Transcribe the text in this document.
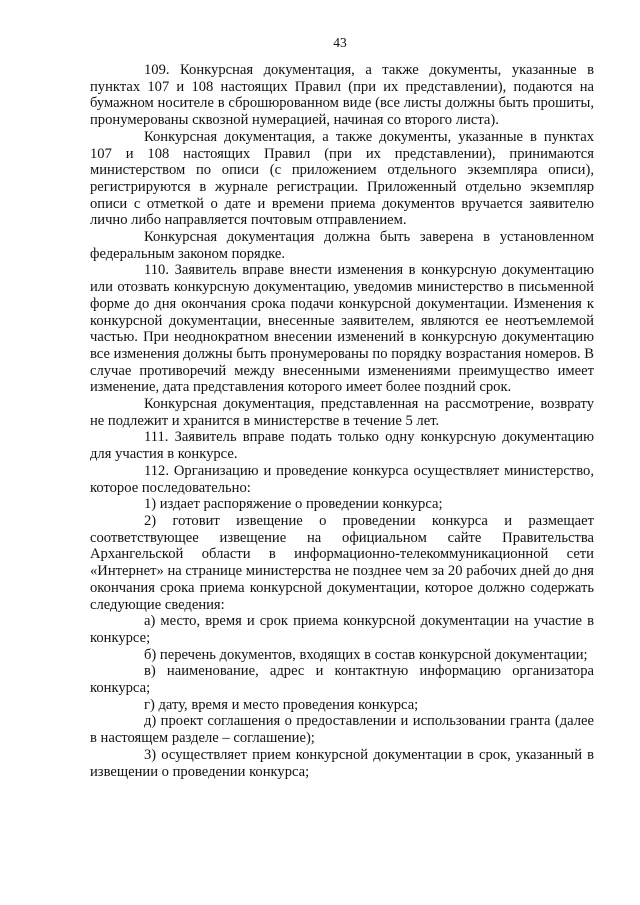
43

109. Конкурсная документация, а также документы, указанные в пунктах 107 и 108 настоящих Правил (при их представлении), подаются на бумажном носителе в сброшюрованном виде (все листы должны быть прошиты, пронумерованы сквозной нумерацией, начиная со второго листа).

Конкурсная документация, а также документы, указанные в пунктах 107 и 108 настоящих Правил (при их представлении), принимаются министерством по описи (с приложением отдельного экземпляра описи), регистрируются в журнале регистрации. Приложенный отдельно экземпляр описи с отметкой о дате и времени приема документов вручается заявителю лично либо направляется почтовым отправлением.

Конкурсная документация должна быть заверена в установленном федеральным законом порядке.

110. Заявитель вправе внести изменения в конкурсную документацию или отозвать конкурсную документацию, уведомив министерство в письменной форме до дня окончания срока подачи конкурсной документации. Изменения к конкурсной документации, внесенные заявителем, являются ее неотъемлемой частью. При неоднократном внесении изменений в конкурсную документацию все изменения должны быть пронумерованы по порядку возрастания номеров. В случае противоречий между внесенными изменениями преимущество имеет изменение, дата представления которого имеет более поздний срок.

Конкурсная документация, представленная на рассмотрение, возврату не подлежит и хранится в министерстве в течение 5 лет.

111. Заявитель вправе подать только одну конкурсную документацию для участия в конкурсе.

112. Организацию и проведение конкурса осуществляет министерство, которое последовательно:

1) издает распоряжение о проведении конкурса;

2) готовит извещение о проведении конкурса и размещает соответствующее извещение на официальном сайте Правительства Архангельской области в информационно-телекоммуникационной сети «Интернет» на странице министерства не позднее чем за 20 рабочих дней до дня окончания срока приема конкурсной документации, которое должно содержать следующие сведения:

а) место, время и срок приема конкурсной документации на участие в конкурсе;

б) перечень документов, входящих в состав конкурсной документации;

в) наименование, адрес и контактную информацию организатора конкурса;

г) дату, время и место проведения конкурса;

д) проект соглашения о предоставлении и использовании гранта (далее в настоящем разделе – соглашение);

3) осуществляет прием конкурсной документации в срок, указанный в извещении о проведении конкурса;
